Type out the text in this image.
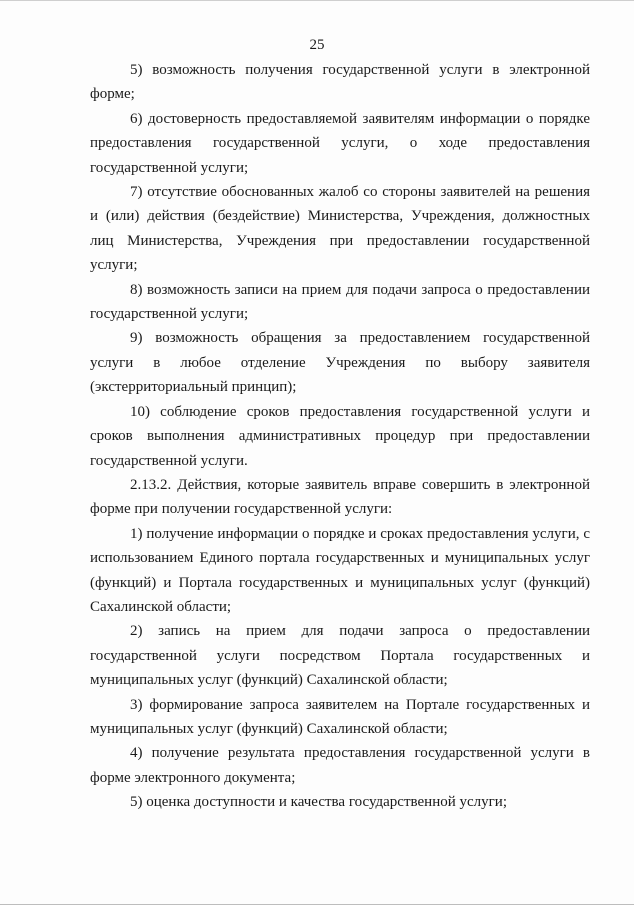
25

5) возможность получения государственной услуги в электронной форме;

6) достоверность предоставляемой заявителям информации о порядке предоставления государственной услуги, о ходе предоставления государственной услуги;

7) отсутствие обоснованных жалоб со стороны заявителей на решения и (или) действия (бездействие) Министерства, Учреждения, должностных лиц Министерства, Учреждения при предоставлении государственной услуги;

8) возможность записи на прием для подачи запроса о предоставлении государственной услуги;

9) возможность обращения за предоставлением государственной услуги в любое отделение Учреждения по выбору заявителя (экстерриториальный принцип);

10) соблюдение сроков предоставления государственной услуги и сроков выполнения административных процедур при предоставлении государственной услуги.

2.13.2. Действия, которые заявитель вправе совершить в электронной форме при получении государственной услуги:

1) получение информации о порядке и сроках предоставления услуги, с использованием Единого портала государственных и муниципальных услуг (функций) и Портала государственных и муниципальных услуг (функций) Сахалинской области;

2) запись на прием для подачи запроса о предоставлении государственной услуги посредством Портала государственных и муниципальных услуг (функций) Сахалинской области;

3) формирование запроса заявителем на Портале государственных и муниципальных услуг (функций) Сахалинской области;

4) получение результата предоставления государственной услуги в форме электронного документа;

5) оценка доступности и качества государственной услуги;
